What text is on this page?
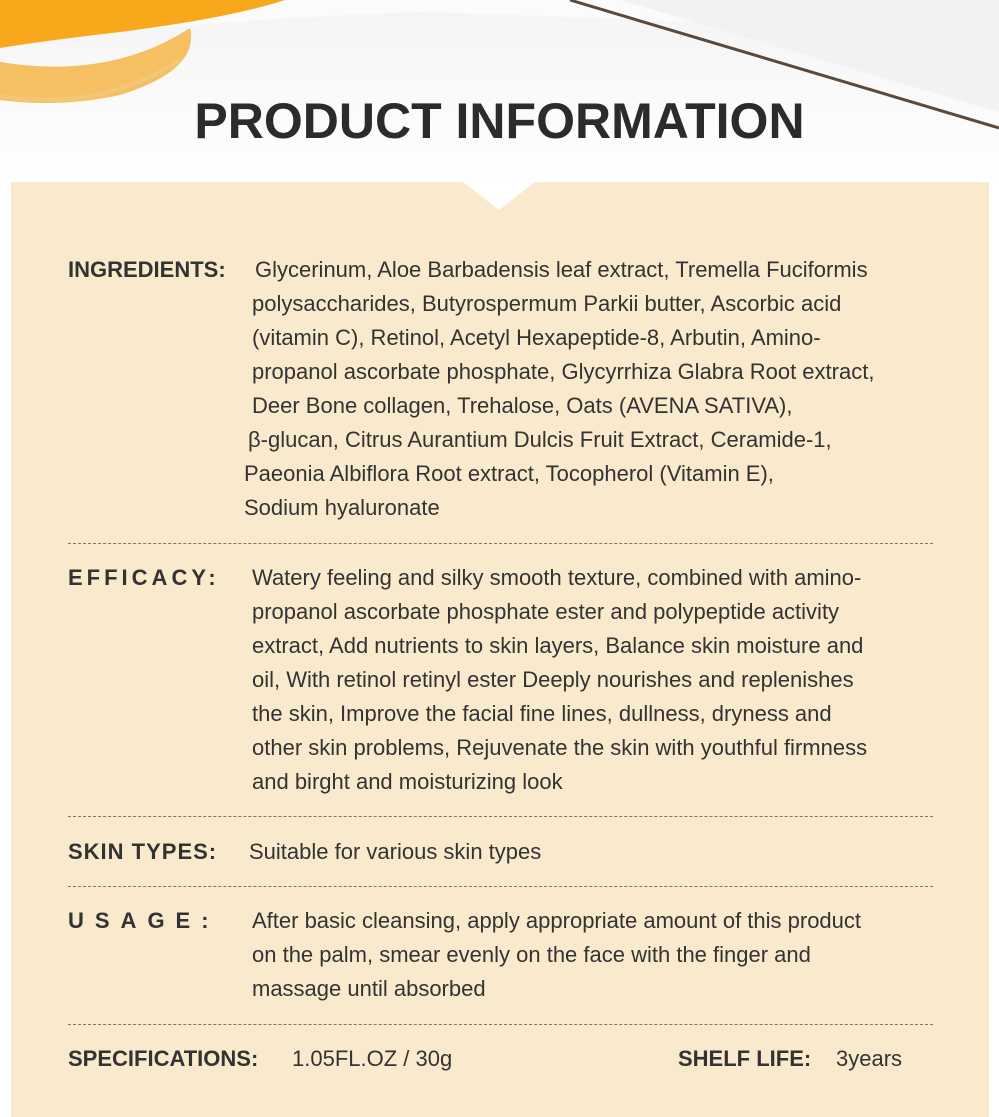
PRODUCT INFORMATION
INGREDIENTS:	Glycerinum, Aloe Barbadensis leaf extract, Tremella Fuciformis
polysaccharides, Butyrospermum Parkii butter, Ascorbic acid
(vitamin C), Retinol, Acetyl Hexapeptide-8, Arbutin, Amino-
propanol ascorbate phosphate, Glycyrrhiza Glabra Root extract,
Deer Bone collagen, Trehalose, Oats (AVENA SATIVA),
β-glucan, Citrus Aurantium Dulcis Fruit Extract, Ceramide-1,
Paeonia Albiflora Root extract, Tocopherol (Vitamin E),
Sodium hyaluronate
EFFICACY: Watery feeling and silky smooth texture, combined with amino-
propanol ascorbate phosphate ester and polypeptide activity
extract, Add nutrients to skin layers, Balance skin moisture and
oil, With retinol retinyl ester Deeply nourishes and replenishes
the skin, Improve the facial fine lines, dullness, dryness and
other skin problems, Rejuvenate the skin with youthful firmness
and birght and moisturizing look
SKIN TYPES: Suitable for various skin types
USAGE: After basic cleansing, apply appropriate amount of this product
on the palm, smear evenly on the face with the finger and
massage until absorbed
SPECIFICATIONS: 1.05FL.OZ / 30g	SHELF LIFE: 3years
